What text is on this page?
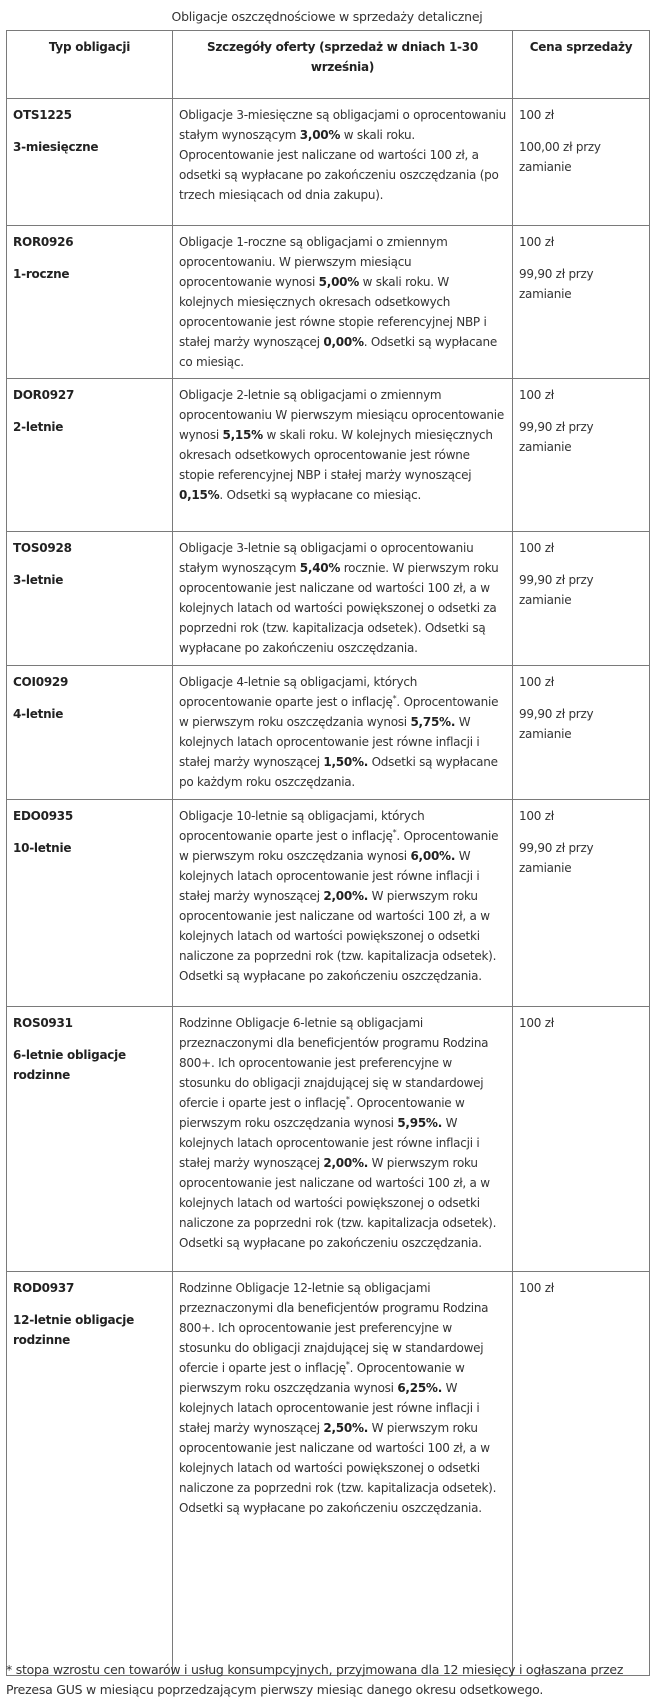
Obligacje oszczędnościowe w sprzedaży detalicznej
Typ obligacji	Szczegóły oferty (sprzedaż w dniach 1-30 września)	Cena sprzedaży

OTS1225
3-miesięczne	Obligacje 3-miesięczne są obligacjami o oprocentowaniu stałym wynoszącym 3,00% w skali roku. Oprocentowanie jest naliczane od wartości 100 zł, a odsetki są wypłacane po zakończeniu oszczędzania (po trzech miesiącach od dnia zakupu).	100 zł
100,00 zł przy zamianie

ROR0926
1-roczne	Obligacje 1-roczne są obligacjami o zmiennym oprocentowaniu. W pierwszym miesiącu oprocentowanie wynosi 5,00% w skali roku. W kolejnych miesięcznych okresach odsetkowych oprocentowanie jest równe stopie referencyjnej NBP i stałej marży wynoszącej 0,00%. Odsetki są wypłacane co miesiąc.	100 zł
99,90 zł przy zamianie

DOR0927
2-letnie	Obligacje 2-letnie są obligacjami o zmiennym oprocentowaniu W pierwszym miesiącu oprocentowanie wynosi 5,15% w skali roku. W kolejnych miesięcznych okresach odsetkowych oprocentowanie jest równe stopie referencyjnej NBP i stałej marży wynoszącej 0,15%. Odsetki są wypłacane co miesiąc.	100 zł
99,90 zł przy zamianie

TOS0928
3-letnie	Obligacje 3-letnie są obligacjami o oprocentowaniu stałym wynoszącym 5,40% rocznie. W pierwszym roku oprocentowanie jest naliczane od wartości 100 zł, a w kolejnych latach od wartości powiększonej o odsetki za poprzedni rok (tzw. kapitalizacja odsetek). Odsetki są wypłacane po zakończeniu oszczędzania.	100 zł
99,90 zł przy zamianie

COI0929
4-letnie	Obligacje 4-letnie są obligacjami, których oprocentowanie oparte jest o inflację*. Oprocentowanie w pierwszym roku oszczędzania wynosi 5,75%. W kolejnych latach oprocentowanie jest równe inflacji i stałej marży wynoszącej 1,50%. Odsetki są wypłacane po każdym roku oszczędzania.	100 zł
99,90 zł przy zamianie

EDO0935
10-letnie	Obligacje 10-letnie są obligacjami, których oprocentowanie oparte jest o inflację*. Oprocentowanie w pierwszym roku oszczędzania wynosi 6,00%. W kolejnych latach oprocentowanie jest równe inflacji i stałej marży wynoszącej 2,00%. W pierwszym roku oprocentowanie jest naliczane od wartości 100 zł, a w kolejnych latach od wartości powiększonej o odsetki naliczone za poprzedni rok (tzw. kapitalizacja odsetek). Odsetki są wypłacane po zakończeniu oszczędzania.	100 zł
99,90 zł przy zamianie

ROS0931
6-letnie obligacje rodzinne	Rodzinne Obligacje 6-letnie są obligacjami przeznaczonymi dla beneficjentów programu Rodzina 800+. Ich oprocentowanie jest preferencyjne w stosunku do obligacji znajdującej się w standardowej ofercie i oparte jest o inflację*. Oprocentowanie w pierwszym roku oszczędzania wynosi 5,95%. W kolejnych latach oprocentowanie jest równe inflacji i stałej marży wynoszącej 2,00%. W pierwszym roku oprocentowanie jest naliczane od wartości 100 zł, a w kolejnych latach od wartości powiększonej o odsetki naliczone za poprzedni rok (tzw. kapitalizacja odsetek). Odsetki są wypłacane po zakończeniu oszczędzania.	100 zł

ROD0937
12-letnie obligacje rodzinne	Rodzinne Obligacje 12-letnie są obligacjami przeznaczonymi dla beneficjentów programu Rodzina 800+. Ich oprocentowanie jest preferencyjne w stosunku do obligacji znajdującej się w standardowej ofercie i oparte jest o inflację*. Oprocentowanie w pierwszym roku oszczędzania wynosi 6,25%. W kolejnych latach oprocentowanie jest równe inflacji i stałej marży wynoszącej 2,50%. W pierwszym roku oprocentowanie jest naliczane od wartości 100 zł, a w kolejnych latach od wartości powiększonej o odsetki naliczone za poprzedni rok (tzw. kapitalizacja odsetek). Odsetki są wypłacane po zakończeniu oszczędzania.	100 zł
* stopa wzrostu cen towarów i usług konsumpcyjnych, przyjmowana dla 12 miesięcy i ogłaszana przez Prezesa GUS w miesiącu poprzedzającym pierwszy miesiąc danego okresu odsetkowego.
